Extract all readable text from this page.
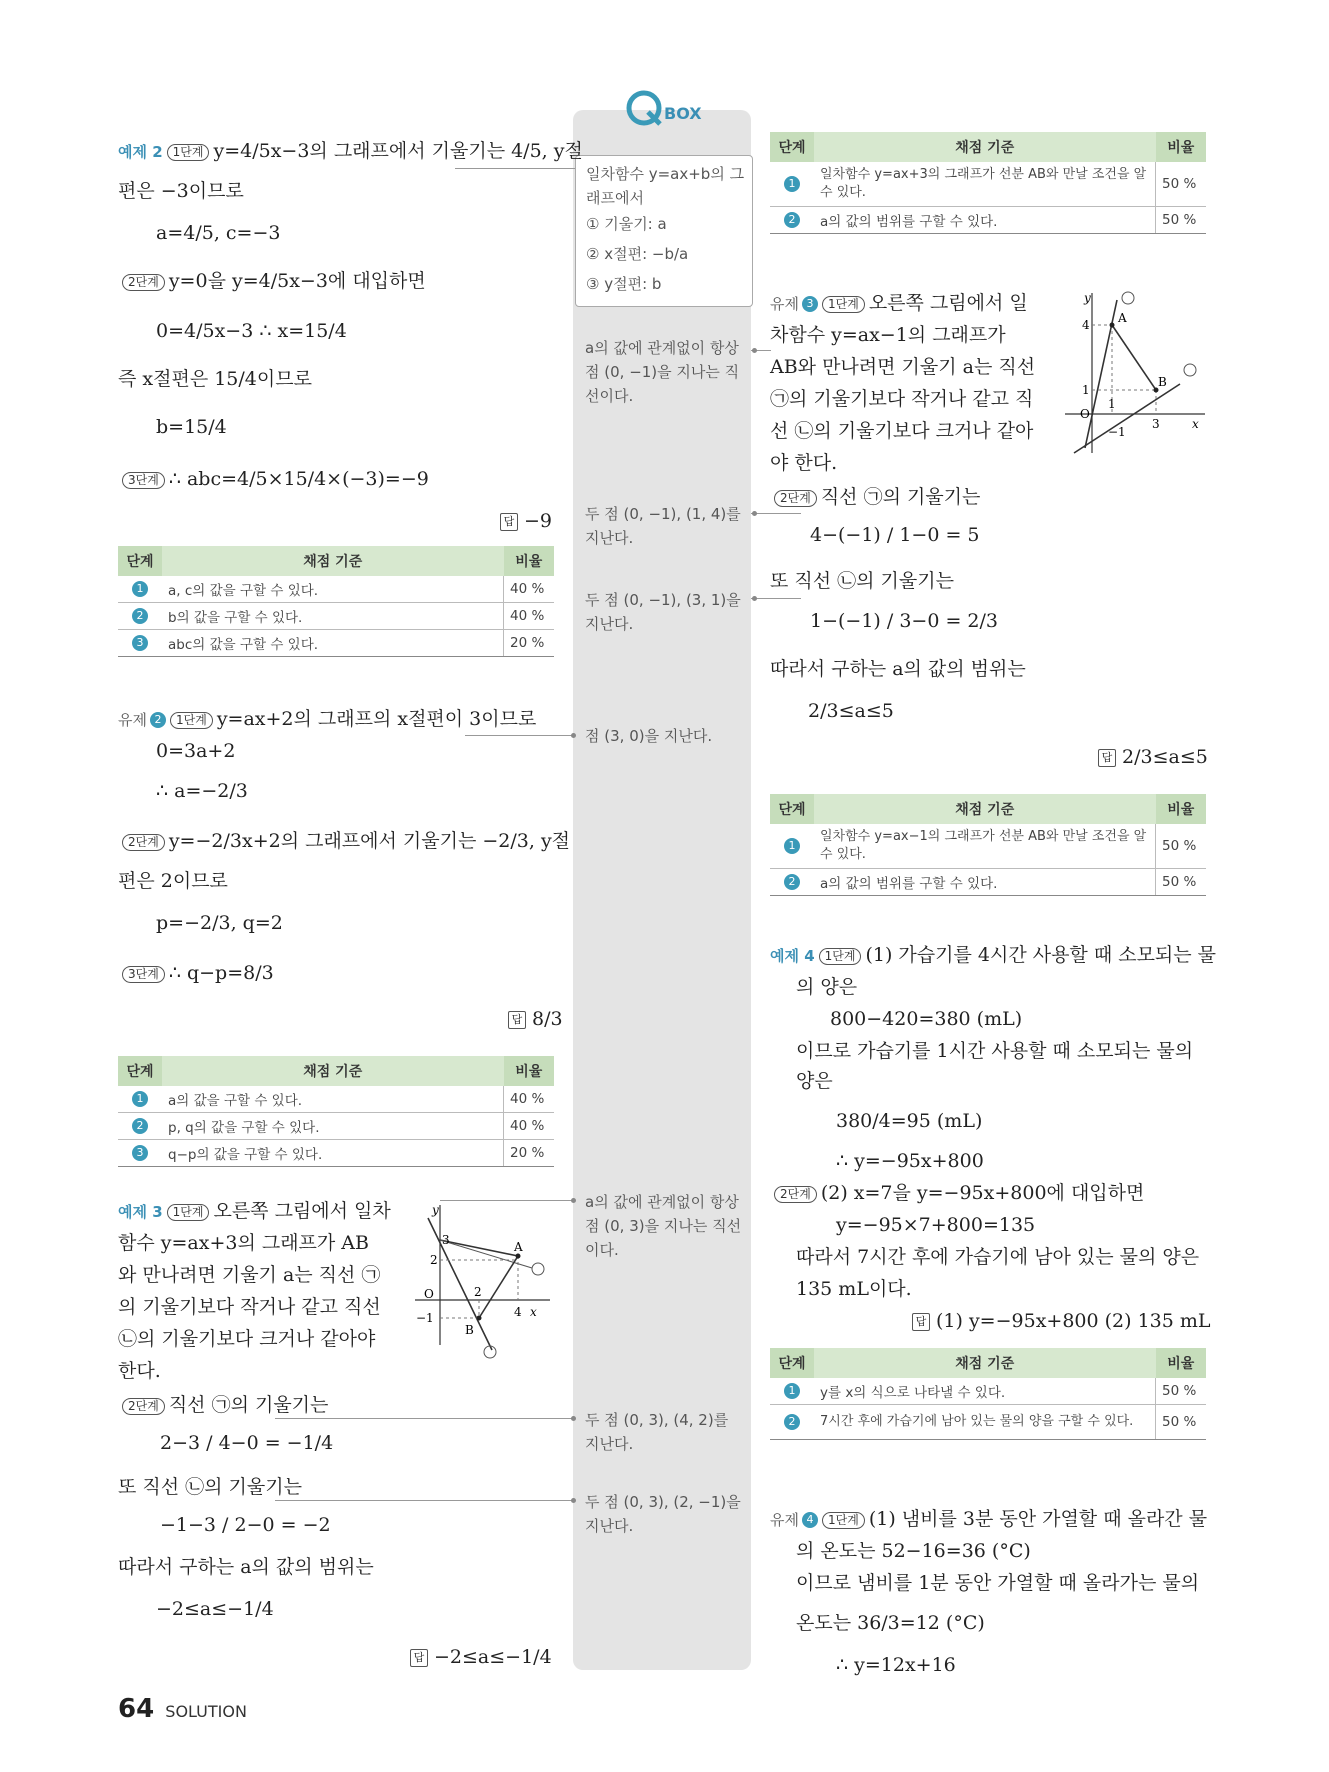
BOX
일차함수 y=ax+b의 그래프에서
① 기울기: a
② x절편: −b/a
③ y절편: b
a의 값에 관계없이 항상 점 (0, −1)을 지나는 직선이다.
두 점 (0, −1), (1, 4)를 지난다.
두 점 (0, −1), (3, 1)을 지난다.
점 (3, 0)을 지난다.
a의 값에 관계없이 항상 점 (0, 3)을 지나는 직선이다.
두 점 (0, 3), (4, 2)를 지난다.
두 점 (0, 3), (2, −1)을 지난다.
예제 2 1단계 y=4/5x−3의 그래프에서 기울기는 4/5, y절
편은 −3이므로
a=4/5, c=−3
2단계 y=0을 y=4/5x−3에 대입하면
0=4/5x−3 ∴ x=15/4
즉 x절편은 15/4이므로
b=15/4
3단계 ∴ abc=4/5×15/4×(−3)=−9
답 −9
단계	채점 기준	비율
1	a, c의 값을 구할 수 있다.	40 %
2	b의 값을 구할 수 있다.	40 %
3	abc의 값을 구할 수 있다.	20 %
유제 2 1단계 y=ax+2의 그래프의 x절편이 3이므로
0=3a+2
∴ a=−2/3
2단계 y=−2/3x+2의 그래프에서 기울기는 −2/3, y절
편은 2이므로
p=−2/3, q=2
3단계 ∴ q−p=8/3
답 8/3
단계	채점 기준	비율
1	a의 값을 구할 수 있다.	40 %
2	p, q의 값을 구할 수 있다.	40 %
3	q−p의 값을 구할 수 있다.	20 %
예제 3 1단계 오른쪽 그림에서 일차
함수 y=ax+3의 그래프가 AB
와 만나려면 기울기 a는 직선 ㉠
의 기울기보다 작거나 같고 직선
㉡의 기울기보다 크거나 같아야
한다.
y
3
2
O	2
4 x
−1
A
B
2단계 직선 ㉠의 기울기는
2−3 / 4−0 = −1/4
또 직선 ㉡의 기울기는
−1−3 / 2−0 = −2
따라서 구하는 a의 값의 범위는
−2≤a≤−1/4
답 −2≤a≤−1/4
64 SOLUTION
단계	채점 기준	비율
1	일차함수 y=ax+3의 그래프가 선분 AB와 만날 조건을 알 수 있다.	50 %
2	a의 값의 범위를 구할 수 있다.	50 %
유제 3 1단계 오른쪽 그림에서 일
차함수 y=ax−1의 그래프가
AB와 만나려면 기울기 a는 직선
㉠의 기울기보다 작거나 같고 직
선 ㉡의 기울기보다 크거나 같아
야 한다.
y
4
1
1
O
3	x
−1
A
B
2단계 직선 ㉠의 기울기는
4−(−1) / 1−0 = 5
또 직선 ㉡의 기울기는
1−(−1) / 3−0 = 2/3
따라서 구하는 a의 값의 범위는
2/3≤a≤5
답 2/3≤a≤5
단계	채점 기준	비율
1	일차함수 y=ax−1의 그래프가 선분 AB와 만날 조건을 알 수 있다.	50 %
2	a의 값의 범위를 구할 수 있다.	50 %
예제 4 1단계 (1) 가습기를 4시간 사용할 때 소모되는 물
의 양은
800−420=380 (mL)
이므로 가습기를 1시간 사용할 때 소모되는 물의
양은
380/4=95 (mL)
∴ y=−95x+800
2단계 (2) x=7을 y=−95x+800에 대입하면
y=−95×7+800=135
따라서 7시간 후에 가습기에 남아 있는 물의 양은
135 mL이다.
답 (1) y=−95x+800 (2) 135 mL
단계	채점 기준	비율
1	y를 x의 식으로 나타낼 수 있다.	50 %
2	7시간 후에 가습기에 남아 있는 물의 양을 구할 수 있다.	50 %
유제 4 1단계 (1) 냄비를 3분 동안 가열할 때 올라간 물
의 온도는 52−16=36 (°C)
이므로 냄비를 1분 동안 가열할 때 올라가는 물의
온도는 36/3=12 (°C)
∴ y=12x+16
